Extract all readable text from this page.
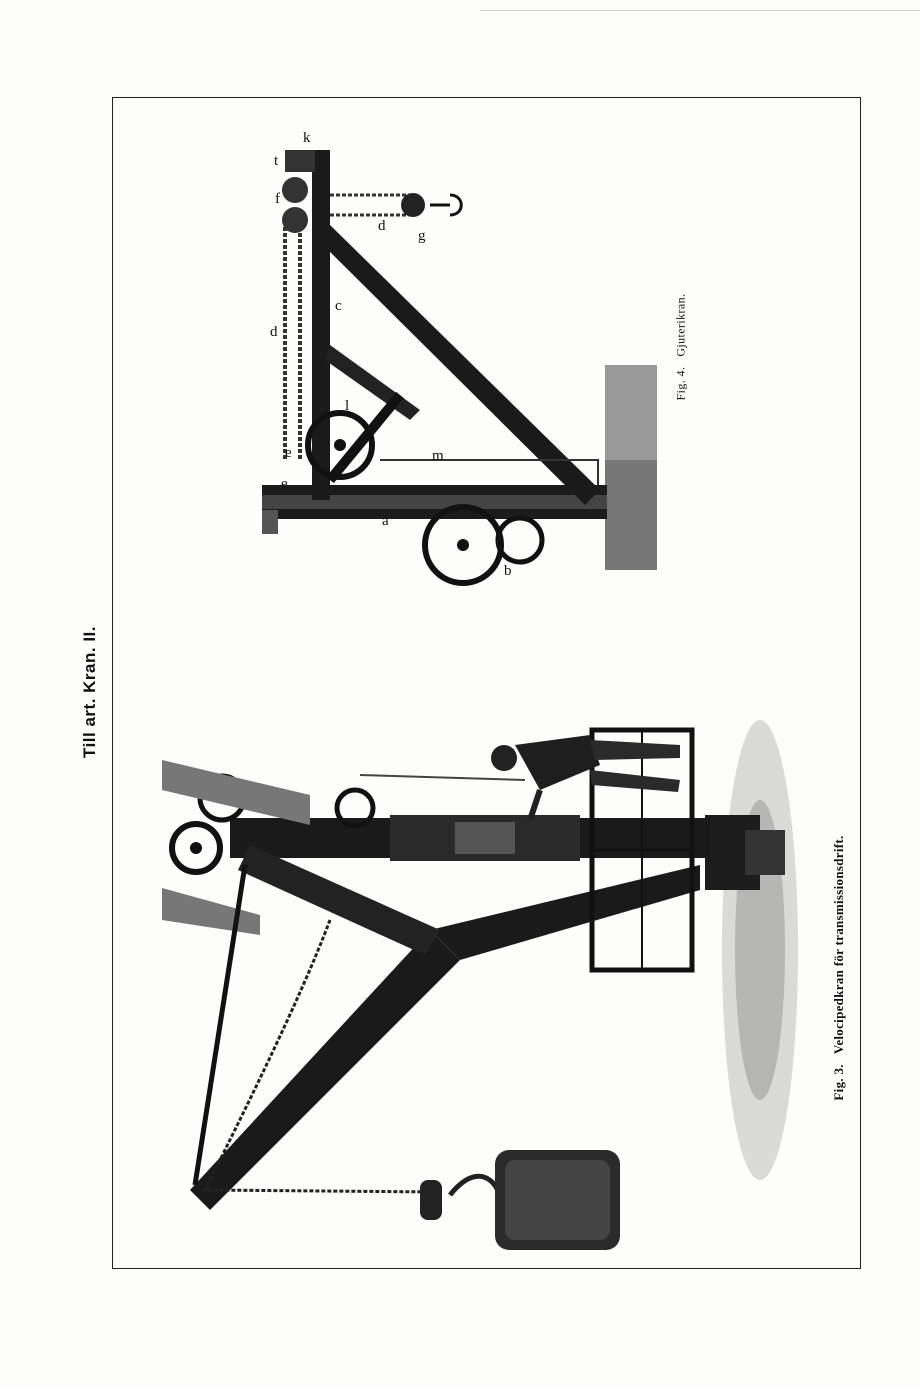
Till art. Kran. II.
t
k
f
e
d
c
g
d
l
m
a
b
e
Fig. 3.Velocipedkran för transmissionsdrift.
Fig. 4.Gjuterikran.
